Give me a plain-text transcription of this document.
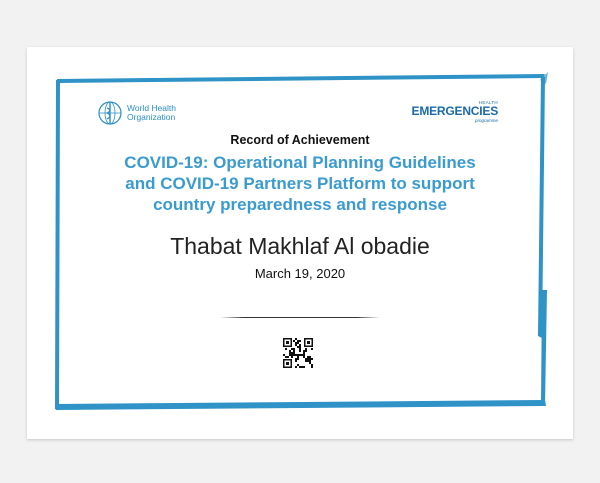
World Health
Organization
HEALTH
EMERGENCIES
programme
Record of Achievement
COVID-19: Operational Planning Guidelines
and COVID-19 Partners Platform to support
country preparedness and response
Thabat Makhlaf Al obadie
March 19, 2020
